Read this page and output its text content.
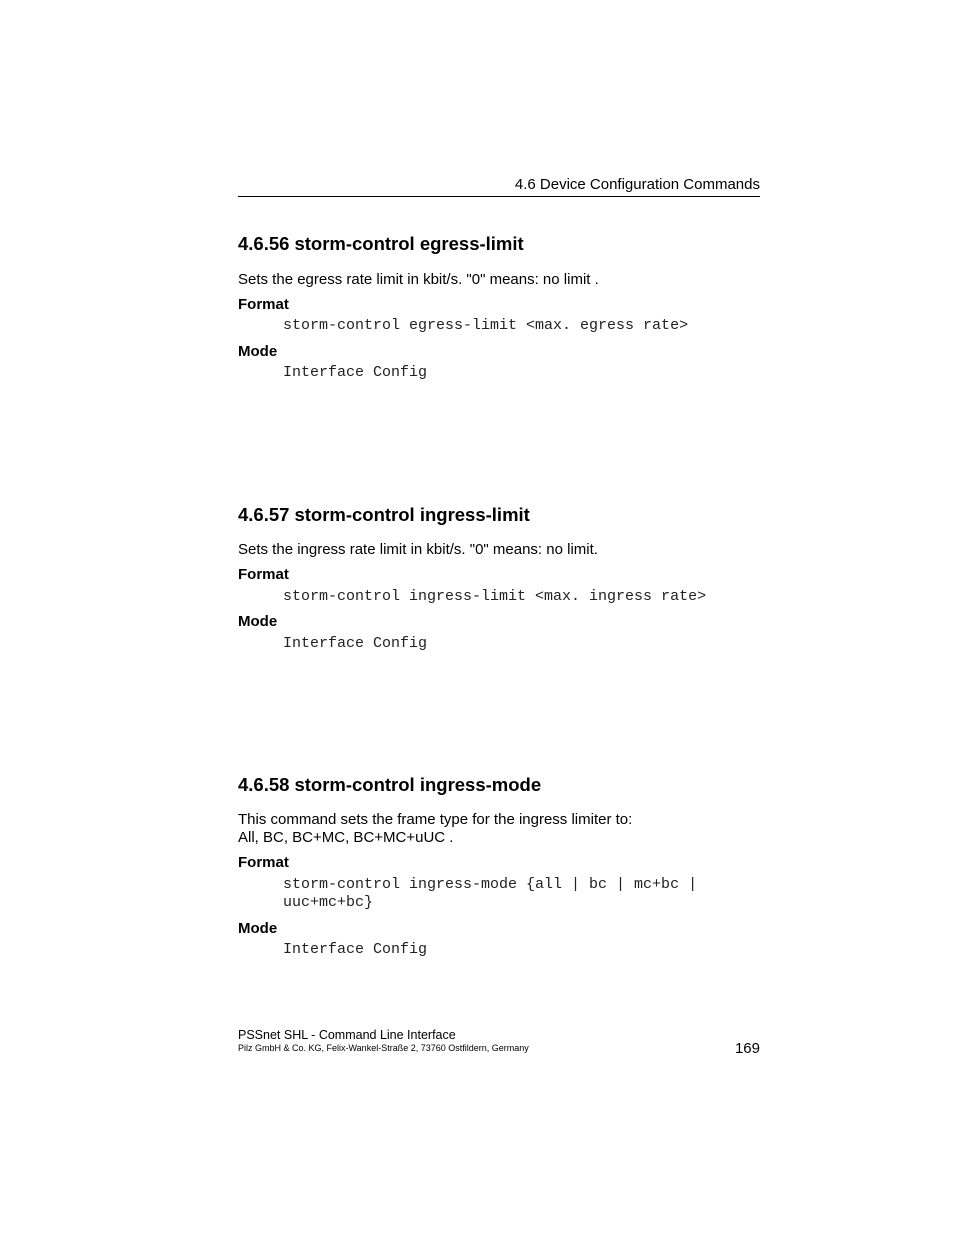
4.6 Device Configuration Commands
4.6.56 storm-control egress-limit
Sets the egress rate limit in kbit/s. "0" means: no limit .
Format
storm-control egress-limit <max. egress rate>
Mode
Interface Config
4.6.57 storm-control ingress-limit
Sets the ingress rate limit in kbit/s. "0" means: no limit.
Format
storm-control ingress-limit <max. ingress rate>
Mode
Interface Config
4.6.58 storm-control ingress-mode
This command sets the frame type for the ingress limiter to:
All, BC, BC+MC, BC+MC+uUC .
Format
storm-control ingress-mode {all | bc | mc+bc |
uuc+mc+bc}
Mode
Interface Config
PSSnet SHL - Command Line Interface
Pilz GmbH & Co. KG, Felix-Wankel-Straße 2, 73760 Ostfildern, Germany	169
